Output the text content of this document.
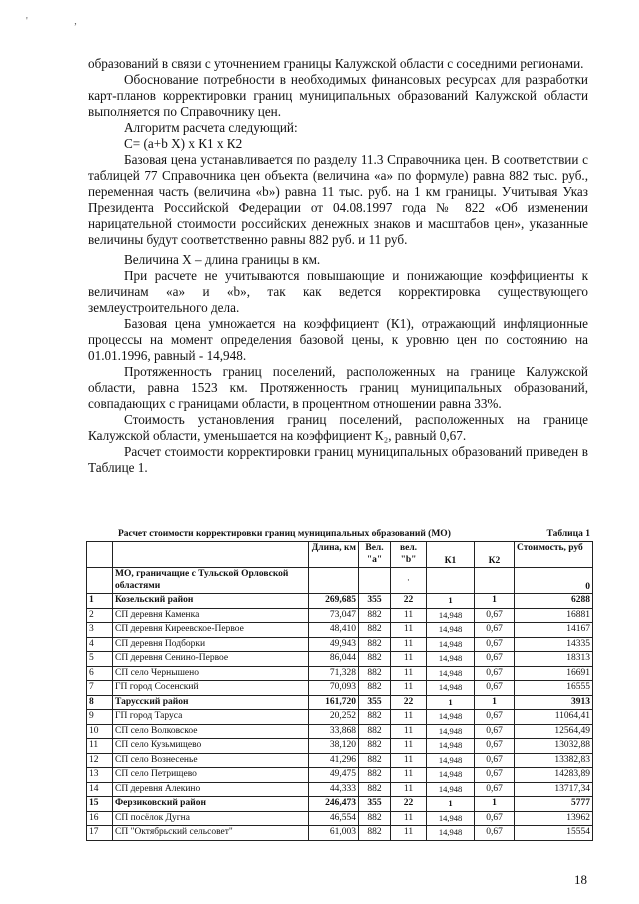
' ,

образований в связи с уточнением границы Калужской области с соседними регионами.

Обоснование потребности в необходимых финансовых ресурсах для разработки карт-планов корректировки границ муниципальных образований Калужской области выполняется по Справочнику цен.

Алгоритм расчета следующий:

С= (а+b X) х К1 х К2

Базовая цена устанавливается по разделу 11.3 Справочника цен. В соответствии с таблицей 77 Справочника цен объекта (величина «а» по формуле) равна 882 тыс. руб., переменная часть (величина «b») равна 11 тыс. руб. на 1 км границы. Учитывая Указ Президента Российской Федерации от 04.08.1997 года № 822 «Об изменении нарицательной стоимости российских денежных знаков и масштабов цен», указанные величины будут соответственно равны 882 руб. и 11 руб.

Величина Х – длина границы в км.

При расчете не учитываются повышающие и понижающие коэффициенты к величинам «а» и «b», так как ведется корректировка существующего землеустроительного дела.

Базовая цена умножается на коэффициент (К1), отражающий инфляционные процессы на момент определения базовой цены, к уровню цен по состоянию на 01.01.1996, равный - 14,948.

Протяженность границ поселений, расположенных на границе Калужской области, равна 1523 км. Протяженность границ муниципальных образований, совпадающих с границами области, в процентном отношении равна 33%.

Стоимость установления границ поселений, расположенных на границе Калужской области, уменьшается на коэффициент К₂, равный 0,67.

Расчет стоимости корректировки границ муниципальных образований приведен в Таблице 1.

Расчет стоимости корректировки границ муниципальных образований (МО)	Таблица 1
		Длина, км	Вел. "а"	вел. "b"	К1	К2	Стоимость, руб
	МО, граничащие с Тульской Орловской областями			·			0
1	Козельский район	269,685	355	22	1	1	6288
2	СП деревня Каменка	73,047	882	11	14,948	0,67	16881
3	СП деревня Киреевское-Первое	48,410	882	11	14,948	0,67	14167
4	СП деревня Подборки	49,943	882	11	14,948	0,67	14335
5	СП деревня Сенино-Первое	86,044	882	11	14,948	0,67	18313
6	СП село Чернышено	71,328	882	11	14,948	0,67	16691
7	ГП город Сосенский	70,093	882	11	14,948	0,67	16555
8	Тарусский район	161,720	355	22	1	1	3913
9	ГП город Таруса	20,252	882	11	14,948	0,67	11064,41
10	СП село Волковское	33,868	882	11	14,948	0,67	12564,49
11	СП село Кузьмищево	38,120	882	11	14,948	0,67	13032,88
12	СП село Вознесенье	41,296	882	11	14,948	0,67	13382,83
13	СП село Петрищево	49,475	882	11	14,948	0,67	14283,89
14	СП деревня Алекино	44,333	882	11	14,948	0,67	13717,34
15	Ферзиковский район	246,473	355	22	1	1	5777
16	СП посёлок Дугна	46,554	882	11	14,948	0,67	13962
17	СП "Октябрьский сельсовет"	61,003	882	11	14,948	0,67	15554
18
